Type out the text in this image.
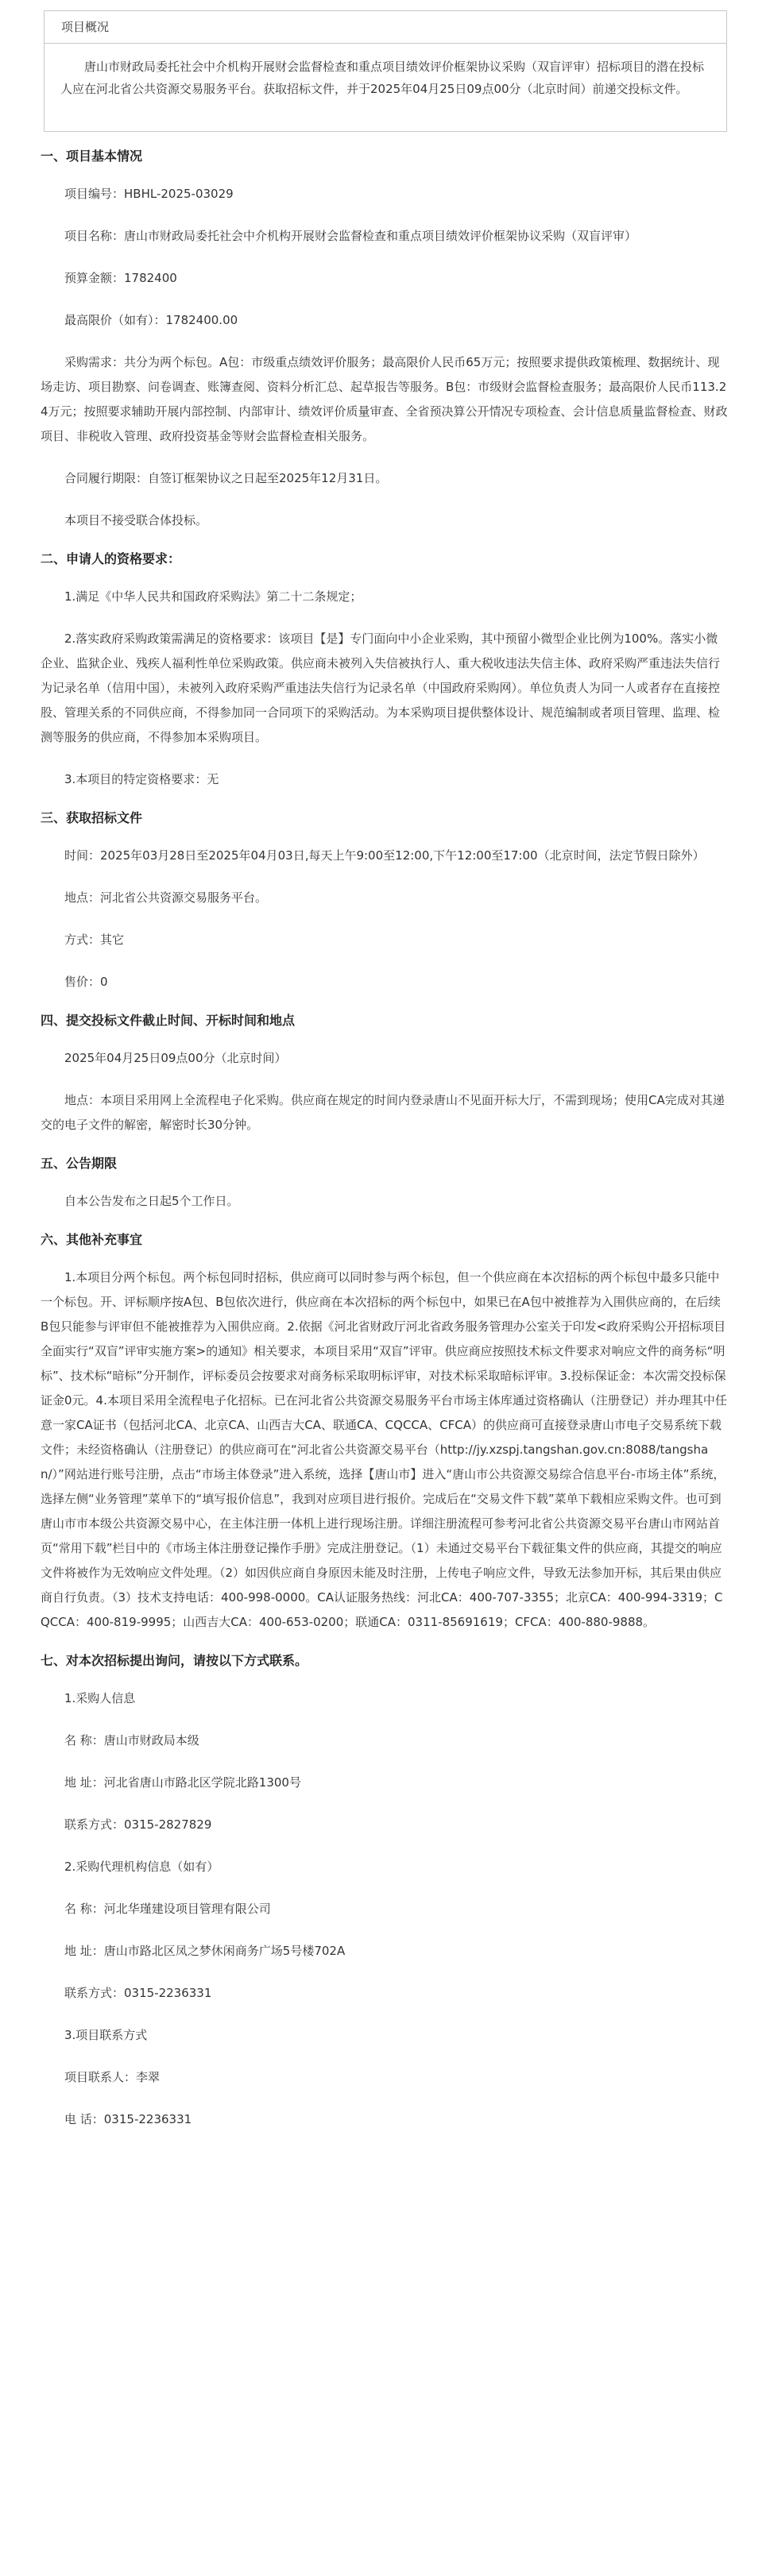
项目概况
唐山市财政局委托社会中介机构开展财会监督检查和重点项目绩效评价框架协议采购（双盲评审）招标项目的潜在投标人应在河北省公共资源交易服务平台。获取招标文件，并于2025年04月25日09点00分（北京时间）前递交投标文件。
一、项目基本情况

项目编号：HBHL-2025-03029

项目名称：唐山市财政局委托社会中介机构开展财会监督检查和重点项目绩效评价框架协议采购（双盲评审）

预算金额：1782400

最高限价（如有）：1782400.00

采购需求：共分为两个标包。A包：市级重点绩效评价服务；最高限价人民币65万元；按照要求提供政策梳理、数据统计、现场走访、项目勘察、问卷调查、账簿查阅、资料分析汇总、起草报告等服务。B包：市级财会监督检查服务；最高限价人民币113.24万元；按照要求辅助开展内部控制、内部审计、绩效评价质量审查、全省预决算公开情况专项检查、会计信息质量监督检查、财政项目、非税收入管理、政府投资基金等财会监督检查相关服务。

合同履行期限：自签订框架协议之日起至2025年12月31日。

本项目不接受联合体投标。

二、申请人的资格要求：

1.满足《中华人民共和国政府采购法》第二十二条规定；

2.落实政府采购政策需满足的资格要求：该项目【是】专门面向中小企业采购，其中预留小微型企业比例为100%。落实小微企业、监狱企业、残疾人福利性单位采购政策。供应商未被列入失信被执行人、重大税收违法失信主体、政府采购严重违法失信行为记录名单（信用中国），未被列入政府采购严重违法失信行为记录名单（中国政府采购网）。单位负责人为同一人或者存在直接控股、管理关系的不同供应商，不得参加同一合同项下的采购活动。为本采购项目提供整体设计、规范编制或者项目管理、监理、检测等服务的供应商，不得参加本采购项目。

3.本项目的特定资格要求：无

三、获取招标文件

时间：2025年03月28日至2025年04月03日,每天上午9:00至12:00,下午12:00至17:00（北京时间，法定节假日除外）

地点：河北省公共资源交易服务平台。

方式：其它

售价：0

四、提交投标文件截止时间、开标时间和地点

2025年04月25日09点00分（北京时间）

地点：本项目采用网上全流程电子化采购。供应商在规定的时间内登录唐山不见面开标大厅，不需到现场；使用CA完成对其递交的电子文件的解密，解密时长30分钟。

五、公告期限

自本公告发布之日起5个工作日。

六、其他补充事宜

1.本项目分两个标包。两个标包同时招标，供应商可以同时参与两个标包，但一个供应商在本次招标的两个标包中最多只能中一个标包。开、评标顺序按A包、B包依次进行，供应商在本次招标的两个标包中，如果已在A包中被推荐为入围供应商的，在后续B包只能参与评审但不能被推荐为入围供应商。2.依据《河北省财政厅河北省政务服务管理办公室关于印发<政府采购公开招标项目全面实行“双盲”评审实施方案>的通知》相关要求，本项目采用“双盲”评审。供应商应按照技术标文件要求对响应文件的商务标“明标”、技术标“暗标”分开制作，评标委员会按要求对商务标采取明标评审，对技术标采取暗标评审。3.投标保证金：本次需交投标保证金0元。4.本项目采用全流程电子化招标。已在河北省公共资源交易服务平台市场主体库通过资格确认（注册登记）并办理其中任意一家CA证书（包括河北CA、北京CA、山西吉大CA、联通CA、CQCCA、CFCA）的供应商可直接登录唐山市电子交易系统下载文件；未经资格确认（注册登记）的供应商可在“河北省公共资源交易平台（http://jy.xzspj.tangshan.gov.cn:8088/tangshan/）”网站进行账号注册，点击“市场主体登录”进入系统，选择【唐山市】进入“唐山市公共资源交易综合信息平台-市场主体”系统，选择左侧“业务管理”菜单下的“填写报价信息”，我到对应项目进行报价。完成后在“交易文件下载”菜单下载相应采购文件。也可到唐山市市本级公共资源交易中心，在主体注册一体机上进行现场注册。详细注册流程可参考河北省公共资源交易平台唐山市网站首页“常用下载”栏目中的《市场主体注册登记操作手册》完成注册登记。（1）未通过交易平台下载征集文件的供应商，其提交的响应文件将被作为无效响应文件处理。（2）如因供应商自身原因未能及时注册，上传电子响应文件，导致无法参加开标，其后果由供应商自行负责。（3）技术支持电话：400-998-0000。CA认证服务热线：河北CA：400-707-3355；北京CA：400-994-3319；CQCCA：400-819-9995；山西吉大CA：400-653-0200；联通CA：0311-85691619；CFCA：400-880-9888。

七、对本次招标提出询问，请按以下方式联系。

1.采购人信息

名 称：唐山市财政局本级

地 址：河北省唐山市路北区学院北路1300号

联系方式：0315-2827829

2.采购代理机构信息（如有）

名 称：河北华瑾建设项目管理有限公司

地 址：唐山市路北区凤之梦休闲商务广场5号楼702A

联系方式：0315-2236331

3.项目联系方式

项目联系人：李翠

电 话：0315-2236331
